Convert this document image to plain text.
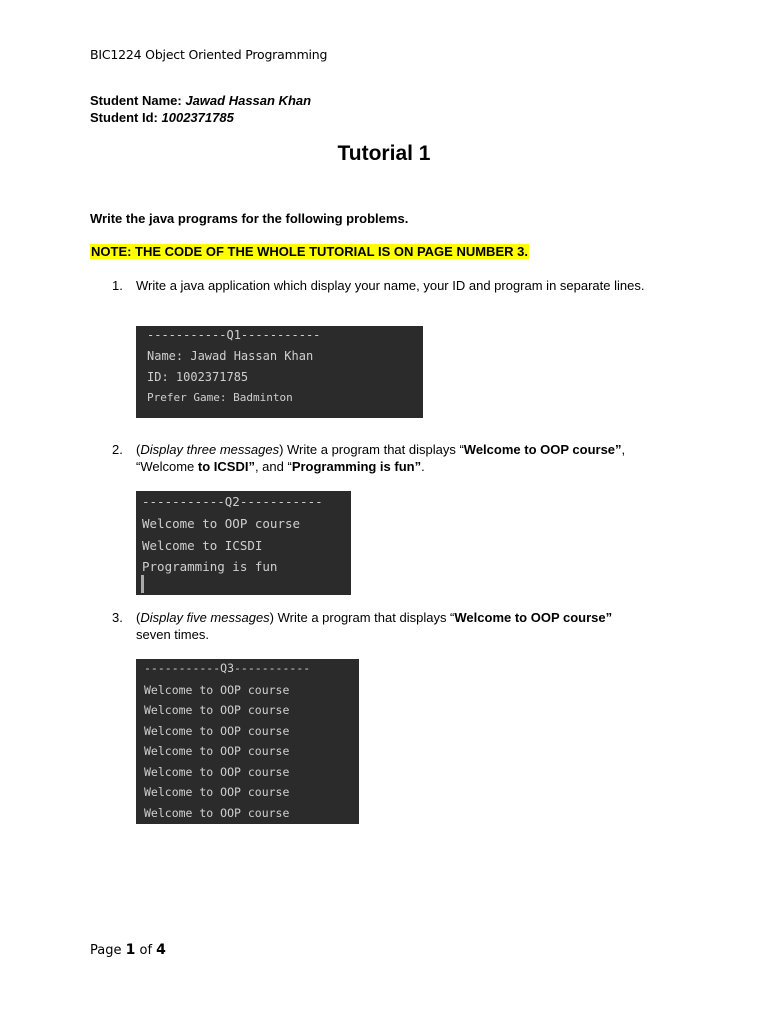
BIC1224 Object Oriented Programming
Student Name: Jawad Hassan Khan
Student Id: 1002371785
Tutorial 1
Write the java programs for the following problems.
NOTE: THE CODE OF THE WHOLE TUTORIAL IS ON PAGE NUMBER 3.
1. Write a java application which display your name, your ID and program in separate lines.

-----------Q1-----------

Name: Jawad Hassan Khan

ID: 1002371785

Prefer Game: Badminton

2. (Display three messages) Write a program that displays “Welcome to OOP course”,
“Welcome to ICSDI”, and “Programming is fun”.

-----------Q2-----------

Welcome to OOP course

Welcome to ICSDI

Programming is fun

3. (Display five messages) Write a program that displays “Welcome to OOP course”
seven times.

-----------Q3-----------

Welcome to OOP course

Welcome to OOP course

Welcome to OOP course

Welcome to OOP course

Welcome to OOP course

Welcome to OOP course

Welcome to OOP course

Page 1 of 4
